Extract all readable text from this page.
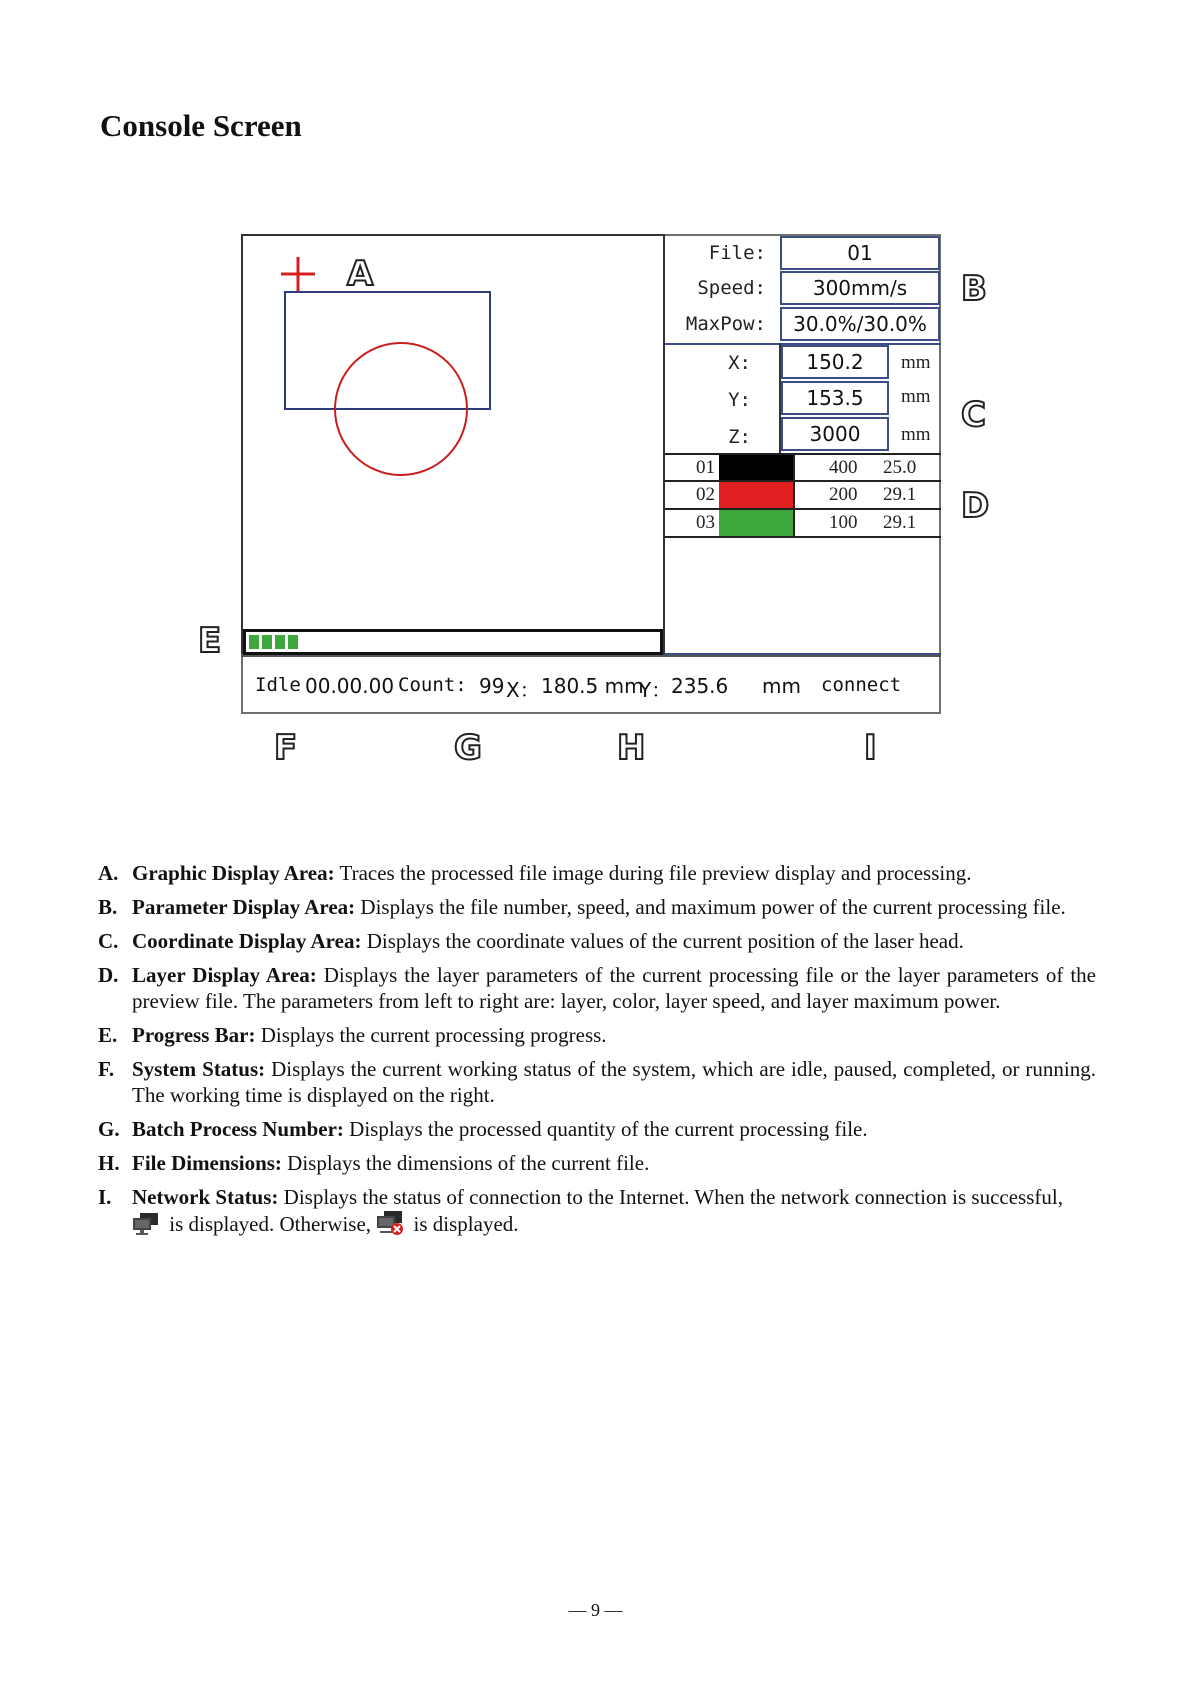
Console Screen
File:	01
Speed:	300mm/s
MaxPow:	30.0%/30.0%
X:	150.2	mm
Y:	153.5	mm
Z:	3000	mm
01	400 25.0
02	200 29.1
03	100 29.1
Idle 00.00.00 Count: 99 X： 180.5 mm
Y： 235.6 mm connect
A	B
C
D
E
F	G	H	I
A. Graphic Display Area: Traces the processed file image during file preview display and processing.
B. Parameter Display Area: Displays the file number, speed, and maximum power of the current processing file.
C. Coordinate Display Area: Displays the coordinate values of the current position of the laser head.
D. Layer Display Area: Displays the layer parameters of the current processing file or the layer parameters of the preview file. The parameters from left to right are: layer, color, layer speed, and layer maximum power.
E. Progress Bar: Displays the current processing progress.
F. System Status: Displays the current working status of the system, which are idle, paused, completed, or running. The working time is displayed on the right.
G. Batch Process Number: Displays the processed quantity of the current processing file.
H. File Dimensions: Displays the dimensions of the current file.
I. Network Status: Displays the status of connection to the Internet. When the network connection is successful,
is displayed. Otherwise,  is displayed.
— 9 —
